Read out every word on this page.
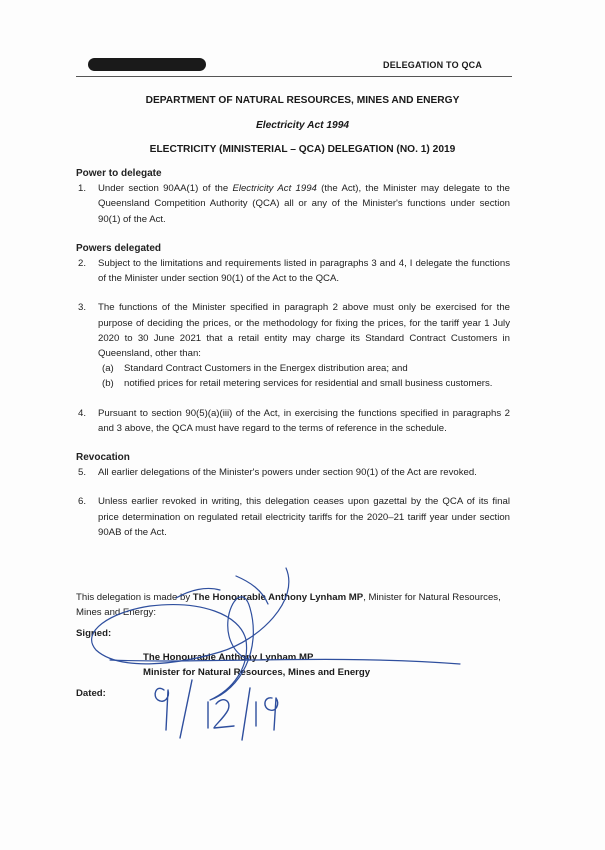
DELEGATION TO QCA
DEPARTMENT OF NATURAL RESOURCES, MINES AND ENERGY
Electricity Act 1994
ELECTRICITY (MINISTERIAL – QCA) DELEGATION (NO. 1) 2019

Power to delegate

1. Under section 90AA(1) of the Electricity Act 1994 (the Act), the Minister may delegate to the Queensland Competition Authority (QCA) all or any of the Minister's functions under section 90(1) of the Act.

Powers delegated

2. Subject to the limitations and requirements listed in paragraphs 3 and 4, I delegate the functions of the Minister under section 90(1) of the Act to the QCA.

3. The functions of the Minister specified in paragraph 2 above must only be exercised for the purpose of deciding the prices, or the methodology for fixing the prices, for the tariff year 1 July 2020 to 30 June 2021 that a retail entity may charge its Standard Contract Customers in Queensland, other than:

(a) Standard Contract Customers in the Energex distribution area; and

(b) notified prices for retail metering services for residential and small business customers.

4. Pursuant to section 90(5)(a)(iii) of the Act, in exercising the functions specified in paragraphs 2 and 3 above, the QCA must have regard to the terms of reference in the schedule.

Revocation

5. All earlier delegations of the Minister's powers under section 90(1) of the Act are revoked.

6. Unless earlier revoked in writing, this delegation ceases upon gazettal by the QCA of its final price determination on regulated retail electricity tariffs for the 2020–21 tariff year under section 90AB of the Act.

This delegation is made by The Honourable Anthony Lynham MP, Minister for Natural Resources, Mines and Energy:
Signed:
The Honourable Anthony Lynham MP
Minister for Natural Resources, Mines and Energy
Dated:
